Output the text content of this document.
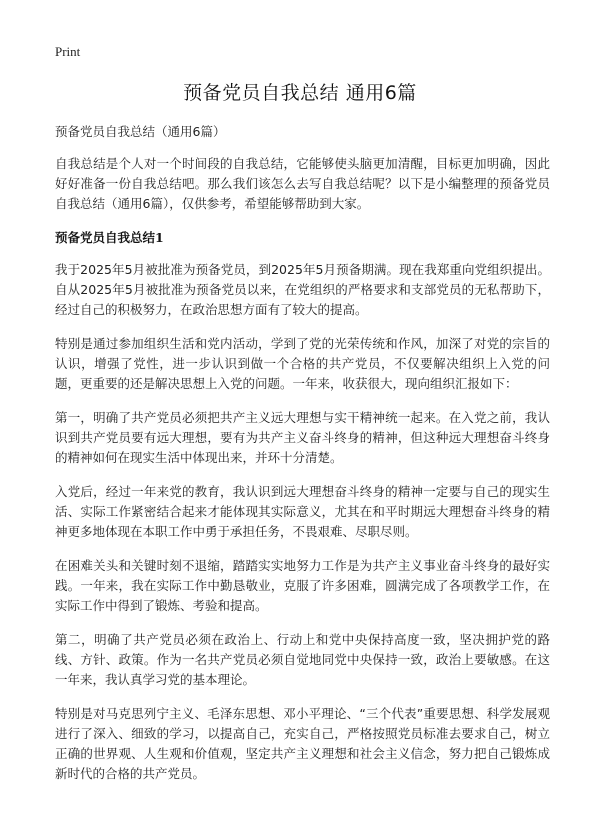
Print
预备党员自我总结 通用6篇

预备党员自我总结（通用6篇）

自我总结是个人对一个时间段的自我总结，它能够使头脑更加清醒，目标更加明确，因此好好准备一份自我总结吧。那么我们该怎么去写自我总结呢？以下是小编整理的预备党员自我总结（通用6篇），仅供参考，希望能够帮助到大家。

预备党员自我总结1

我于2025年5月被批准为预备党员，到2025年5月预备期满。现在我郑重向党组织提出。自从2025年5月被批准为预备党员以来，在党组织的严格要求和支部党员的无私帮助下，经过自己的积极努力，在政治思想方面有了较大的提高。

特别是通过参加组织生活和党内活动，学到了党的光荣传统和作风，加深了对党的宗旨的认识，增强了党性，进一步认识到做一个合格的共产党员，不仅要解决组织上入党的问题，更重要的还是解决思想上入党的问题。一年来，收获很大，现向组织汇报如下：

第一，明确了共产党员必须把共产主义远大理想与实干精神统一起来。在入党之前，我认识到共产党员要有远大理想，要有为共产主义奋斗终身的精神，但这种远大理想奋斗终身的精神如何在现实生活中体现出来，并环十分清楚。

入党后，经过一年来党的教育，我认识到远大理想奋斗终身的精神一定要与自己的现实生活、实际工作紧密结合起来才能体现其实际意义，尤其在和平时期远大理想奋斗终身的精神更多地体现在本职工作中勇于承担任务，不畏艰难、尽职尽则。

在困难关头和关键时刻不退缩，踏踏实实地努力工作是为共产主义事业奋斗终身的最好实践。一年来，我在实际工作中勤恳敬业，克服了许多困难，圆满完成了各项教学工作，在实际工作中得到了锻炼、考验和提高。

第二，明确了共产党员必须在政治上、行动上和党中央保持高度一致，坚决拥护党的路线、方针、政策。作为一名共产党员必须自觉地同党中央保持一致，政治上要敏感。在这一年来，我认真学习党的基本理论。

特别是对马克思列宁主义、毛泽东思想、邓小平理论、“三个代表”重要思想、科学发展观进行了深入、细致的学习，以提高自己，充实自己，严格按照党员标准去要求自己，树立正确的世界观、人生观和价值观，坚定共产主义理想和社会主义信念，努力把自己锻炼成新时代的合格的共产党员。
